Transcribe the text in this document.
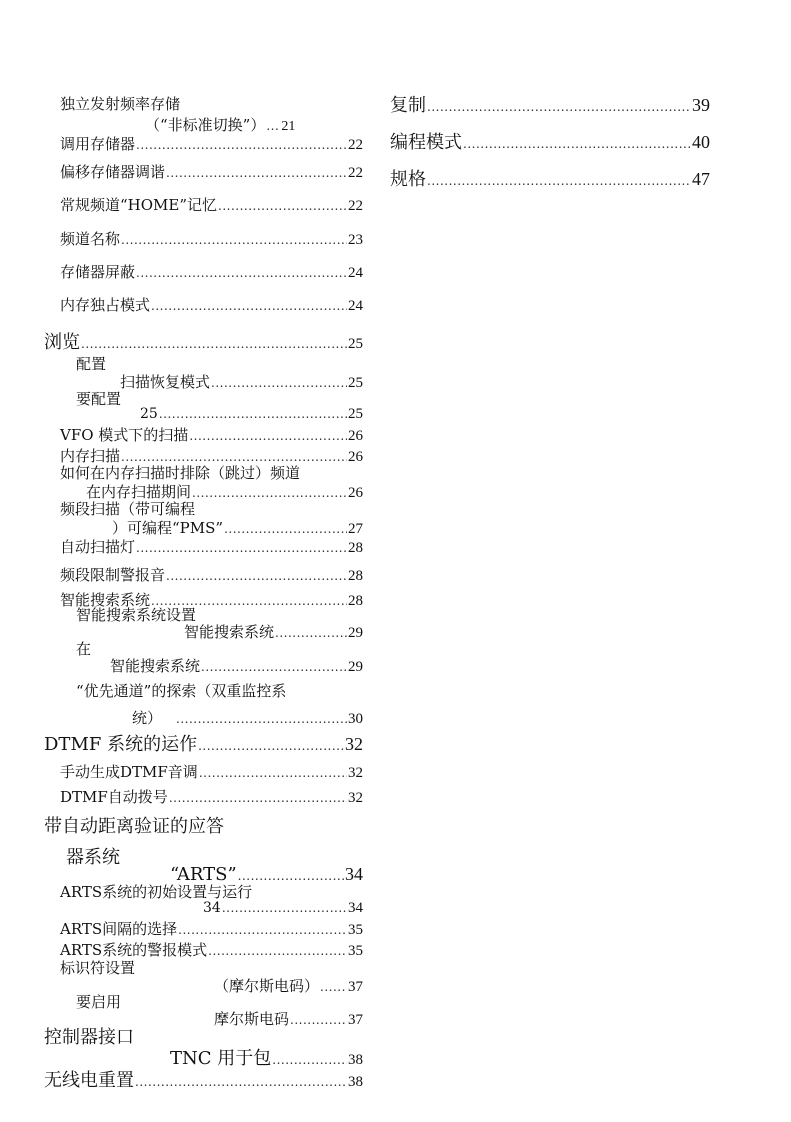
独立发射频率存储
（“非标准切换”） ..... 21
调用存储器 .....	22
偏移存储器调谐 .....	22
常规频道“HOME”记忆 .....	22
频道名称 .....	23
存储器屏蔽 .....	24
内存独占模式 .....	24
浏览 .....	25
配置
扫描恢复模式 .....	25
要配置
25 .....	25
VFO 模式下的扫描 .....	26
内存扫描 .....	26
如何在内存扫描时排除（跳过）频道
在内存扫描期间 .....	26
频段扫描（带可编程
）可编程“PMS” .....	27
自动扫描灯 .....	28
频段限制警报音 .....	28
智能搜索系统 .....	28
智能搜索系统设置
智能搜索系统 .....	29
在
智能搜索系统 .....	29
“优先通道”的探索（双重监控系
统） .....	30
DTMF 系统的运作 .....	32
手动生成DTMF音调 .....	32
DTMF自动拨号 .....	32
带自动距离验证的应答
器系统
“ARTS” .....	34
ARTS系统的初始设置与运行
34 .....	34
ARTS间隔的选择 .....	35
ARTS系统的警报模式 .....	35
标识符设置
（摩尔斯电码） ..... 37
要启用
摩尔斯电码 .....	37
控制器接口
TNC 用于包 .....	38
无线电重置 .....	38
复制 .....	39
编程模式 .....	40
规格 .....	47
